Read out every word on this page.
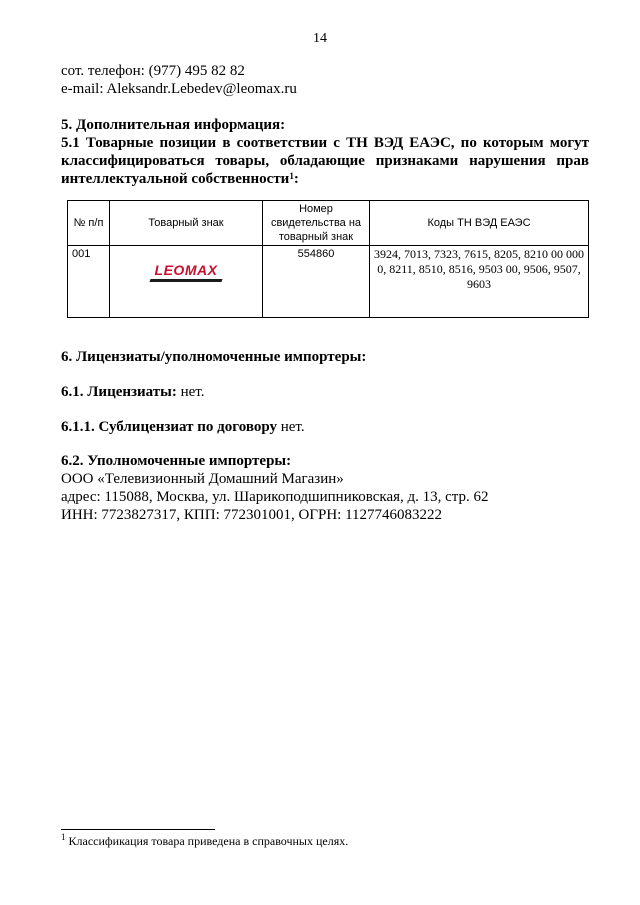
14
сот. телефон: (977) 495 82 82
e-mail: Aleksandr.Lebedev@leomax.ru
5. Дополнительная информация:
5.1 Товарные позиции в соответствии с ТН ВЭД ЕАЭС, по которым могут
классифицироваться товары, обладающие признаками нарушения прав
интеллектуальной собственности$^1$:
№ п/п	Товарный знак	Номер свидетельства на товарный знак	Коды ТН ВЭД ЕАЭС
001	LEOMAX	554860	3924, 7013, 7323, 7615, 8205, 8210 00 000 0, 8211, 8510, 8516, 9503 00, 9506, 9507, 9603
6. Лицензиаты/уполномоченные импортеры:
6.1. Лицензиаты: нет.
6.1.1. Сублицензиат по договору нет.
6.2. Уполномоченные импортеры:
ООО «Телевизионный Домашний Магазин»
адрес: 115088, Москва, ул. Шарикоподшипниковская, д. 13, стр. 62
ИНН: 7723827317, КПП: 772301001, ОГРН: 1127746083222
$^1$ Классификация товара приведена в справочных целях.
